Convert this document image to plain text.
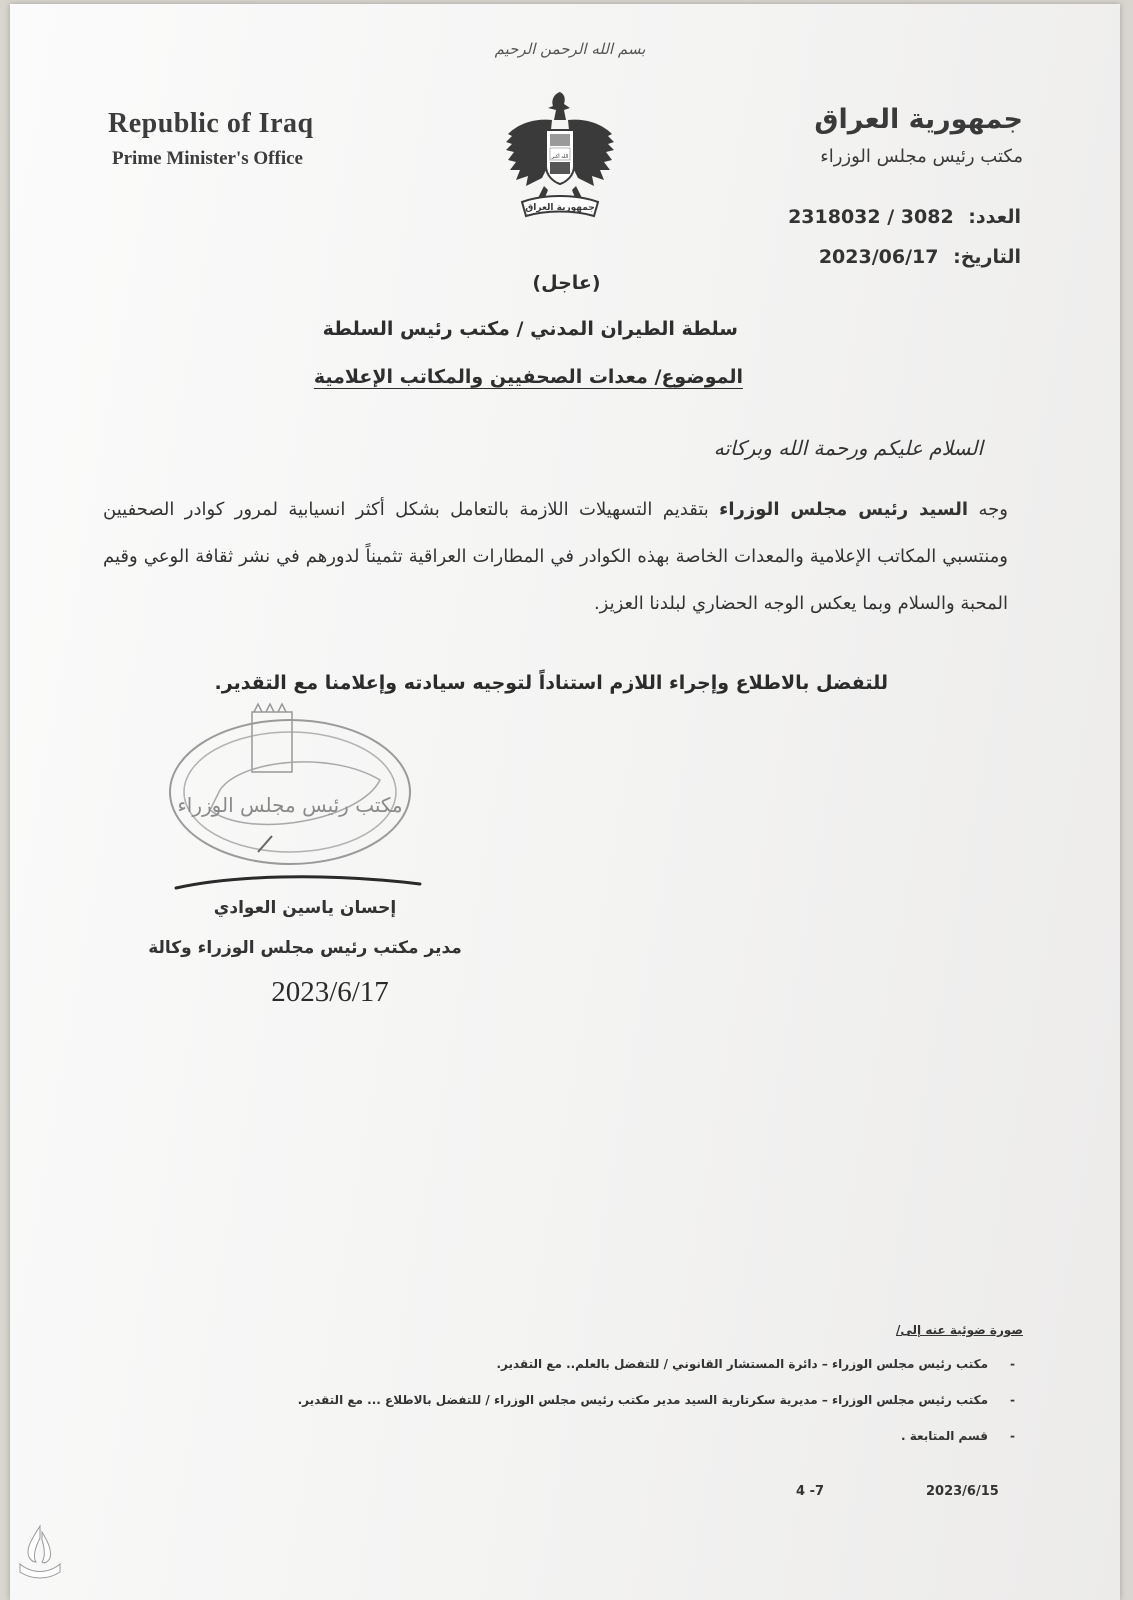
بسم الله الرحمن الرحيم
Republic of Iraq
Prime Minister's Office
جمهورية العراق
مكتب رئيس مجلس الوزراء
الله أكبر
جمهورية العراق	العدد: 2318032 / 3082
التاريخ: 2023/06/17
(عاجل)
سلطة الطيران المدني / مكتب رئيس السلطة
الموضوع/ معدات الصحفيين والمكاتب الإعلامية
السلام عليكم ورحمة الله وبركاته
وجه السيد رئيس مجلس الوزراء بتقديم التسهيلات اللازمة بالتعامل بشكل أكثر انسيابية لمرور كوادر الصحفيين ومنتسبي المكاتب الإعلامية والمعدات الخاصة بهذه الكوادر في المطارات العراقية تثميناً لدورهم في نشر ثقافة الوعي وقيم المحبة والسلام وبما يعكس الوجه الحضاري لبلدنا العزيز.
للتفضل بالاطلاع وإجراء اللازم استناداً لتوجيه سيادته وإعلامنا مع التقدير.
مكتب رئيس مجلس الوزراء
إحسان ياسين العوادي
مدير مكتب رئيس مجلس الوزراء وكالة
2023/6/17
صورة ضوئية عنه إلى/
-مكتب رئيس مجلس الوزراء – دائرة المستشار القانوني / للتفضل بالعلم.. مع التقدير.
-مكتب رئيس مجلس الوزراء – مديرية سكرتارية السيد مدير مكتب رئيس مجلس الوزراء / للتفضل بالاطلاع ... مع التقدير.
-قسم المتابعة .
4 -7	2023/6/15
